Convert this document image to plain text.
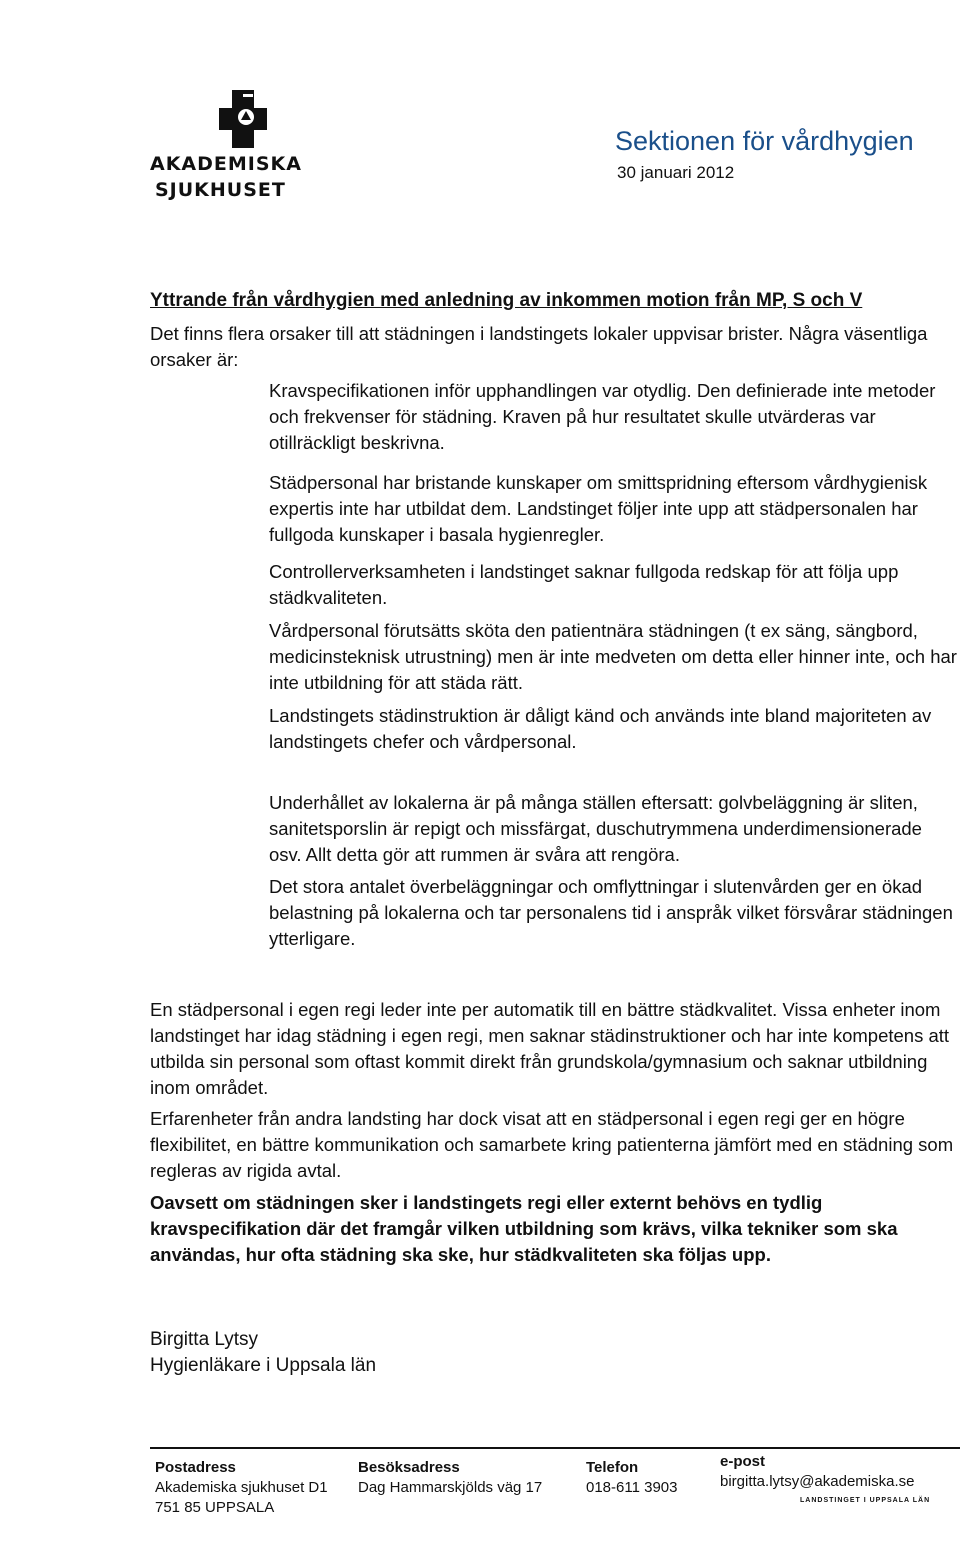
AKADEMISKA
SJUKHUSET
Sektionen för vårdhygien
30 januari 2012
Yttrande från vårdhygien med anledning av inkommen motion från MP, S och V
Det finns flera orsaker till att städningen i landstingets lokaler uppvisar brister. Några väsentliga orsaker är:
Kravspecifikationen inför upphandlingen var otydlig. Den definierade inte metoder och frekvenser för städning. Kraven på hur resultatet skulle utvärderas var otillräckligt beskrivna.
Städpersonal har bristande kunskaper om smittspridning eftersom vårdhygienisk expertis inte har utbildat dem. Landstinget följer inte upp att städpersonalen har fullgoda kunskaper i basala hygienregler.
Controllerverksamheten i landstinget saknar fullgoda redskap för att följa upp städkvaliteten.
Vårdpersonal förutsätts sköta den patientnära städningen (t ex säng, sängbord, medicinsteknisk utrustning) men är inte medveten om detta eller hinner inte, och har inte utbildning för att städa rätt.
Landstingets städinstruktion är dåligt känd och används inte bland majoriteten av landstingets chefer och vårdpersonal.
Underhållet av lokalerna är på många ställen eftersatt: golvbeläggning är sliten, sanitetsporslin är repigt och missfärgat, duschutrymmena underdimensionerade osv. Allt detta gör att rummen är svåra att rengöra.
Det stora antalet överbeläggningar och omflyttningar i slutenvården ger en ökad belastning på lokalerna och tar personalens tid i anspråk vilket försvårar städningen ytterligare.
En städpersonal i egen regi leder inte per automatik till en bättre städkvalitet. Vissa enheter inom landstinget har idag städning i egen regi, men saknar städinstruktioner och har inte kompetens att utbilda sin personal som oftast kommit direkt från grundskola/gymnasium och saknar utbildning inom området.
Erfarenheter från andra landsting har dock visat att en städpersonal i egen regi ger en högre flexibilitet, en bättre kommunikation och samarbete kring patienterna jämfört med en städning som regleras av rigida avtal.
Oavsett om städningen sker i landstingets regi eller externt behövs en tydlig kravspecifikation där det framgår vilken utbildning som krävs, vilka tekniker som ska användas, hur ofta städning ska ske, hur städkvaliteten ska följas upp.
Birgitta Lytsy
Hygienläkare i Uppsala län
Postadress
Akademiska sjukhuset D1
751 85 UPPSALA
Besöksadress
Dag Hammarskjölds väg 17
Telefon
018-611 3903
e-post
birgitta.lytsy@akademiska.se
LANDSTINGET I UPPSALA LÄN
